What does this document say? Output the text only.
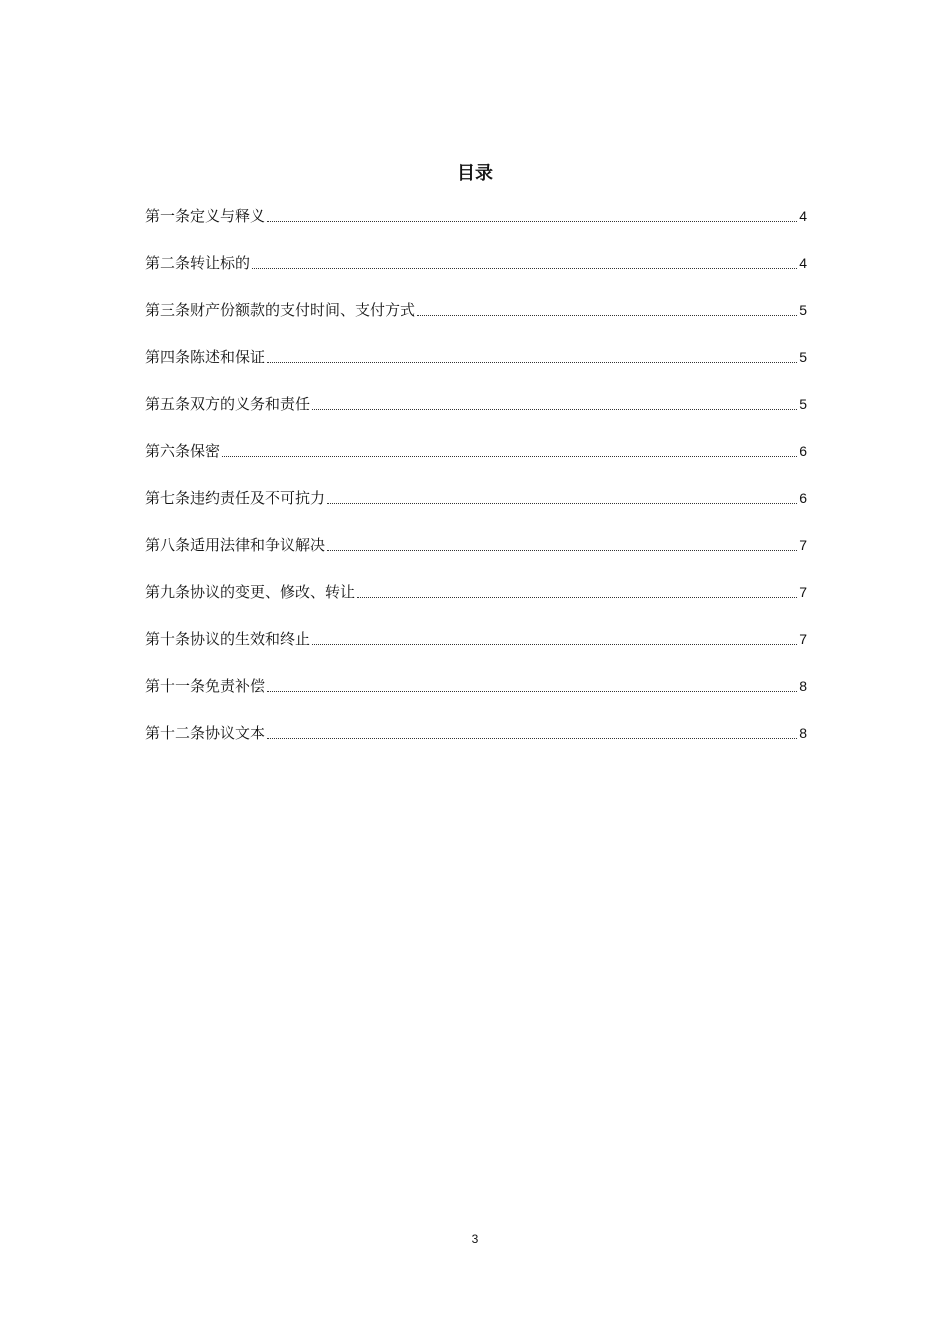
目录
第一条定义与释义	4
第二条转让标的	4
第三条财产份额款的支付时间、支付方式	5
第四条陈述和保证	5
第五条双方的义务和责任	5
第六条保密	6
第七条违约责任及不可抗力	6
第八条适用法律和争议解决	7
第九条协议的变更、修改、转让	7
第十条协议的生效和终止	7
第十一条免责补偿	8
第十二条协议文本	8
3
